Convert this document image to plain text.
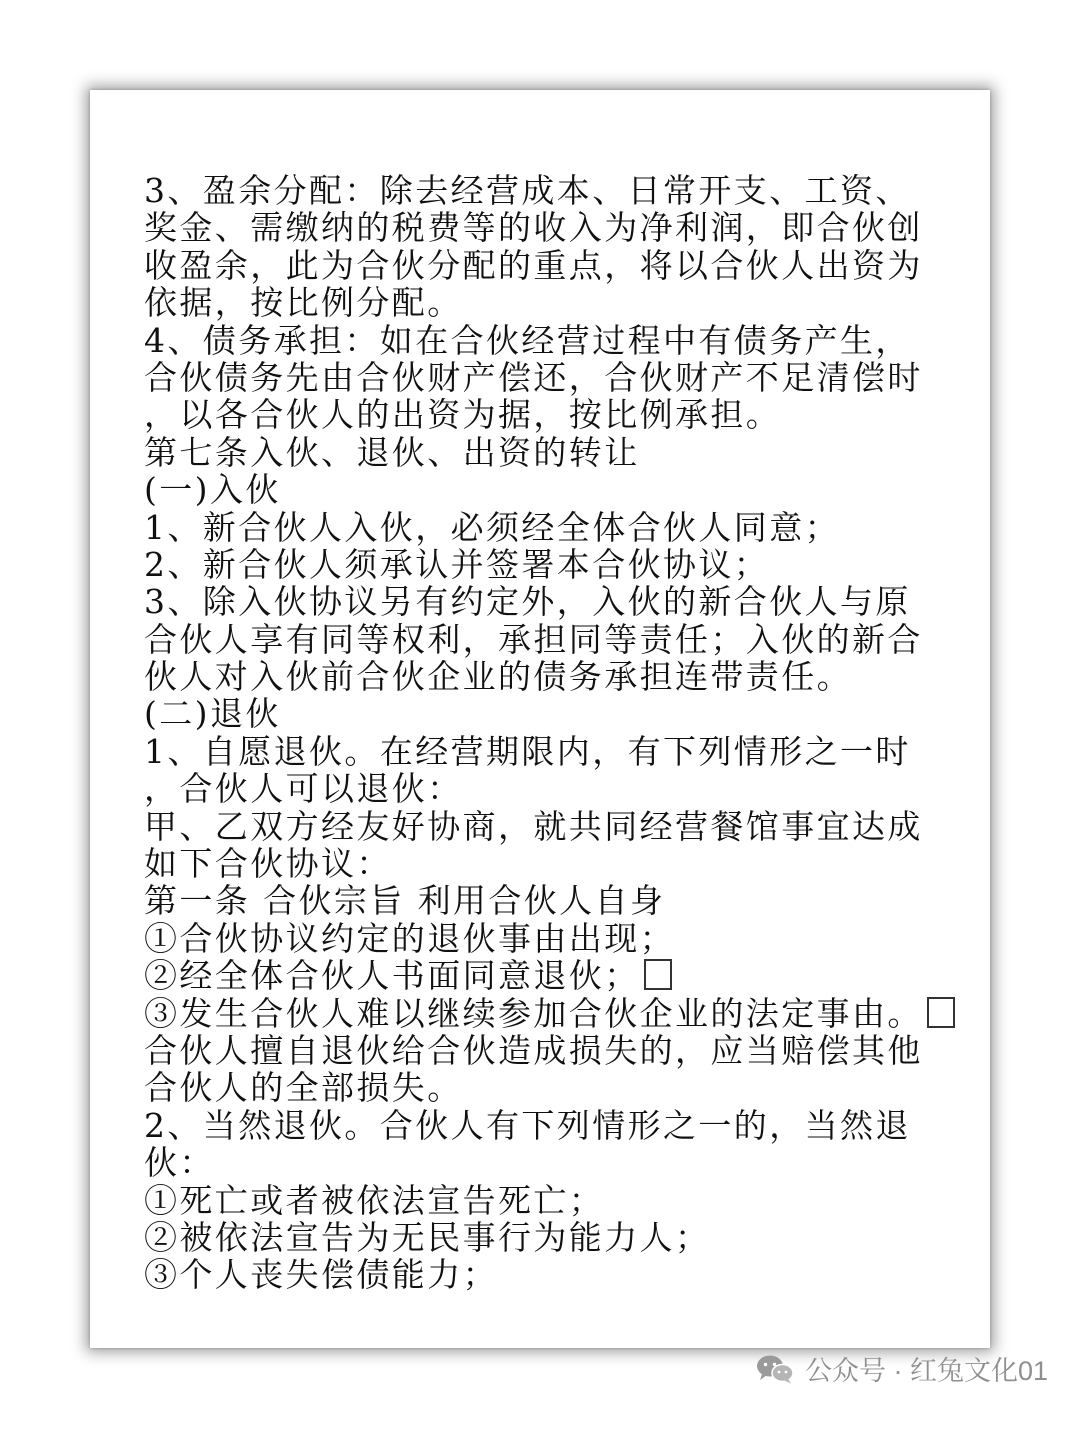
3、盈余分配：除去经营成本、日常开支、工资、
奖金、需缴纳的税费等的收入为净利润，即合伙创
收盈余，此为合伙分配的重点，将以合伙人出资为
依据，按比例分配。
4、债务承担：如在合伙经营过程中有债务产生，
合伙债务先由合伙财产偿还，合伙财产不足清偿时
，以各合伙人的出资为据，按比例承担。
第七条入伙、退伙、出资的转让
(一)入伙
1、新合伙人入伙，必须经全体合伙人同意；
2、新合伙人须承认并签署本合伙协议；
3、除入伙协议另有约定外，入伙的新合伙人与原
合伙人享有同等权利，承担同等责任；入伙的新合
伙人对入伙前合伙企业的债务承担连带责任。
(二)退伙
1、自愿退伙。在经营期限内，有下列情形之一时
，合伙人可以退伙：
甲、乙双方经友好协商，就共同经营餐馆事宜达成
如下合伙协议：
第一条 合伙宗旨 利用合伙人自身
①合伙协议约定的退伙事由出现；
②经全体合伙人书面同意退伙；
③发生合伙人难以继续参加合伙企业的法定事由。
合伙人擅自退伙给合伙造成损失的，应当赔偿其他
合伙人的全部损失。
2、当然退伙。合伙人有下列情形之一的，当然退
伙：
①死亡或者被依法宣告死亡；
②被依法宣告为无民事行为能力人；
③个人丧失偿债能力；
公众号 · 红兔文化01
